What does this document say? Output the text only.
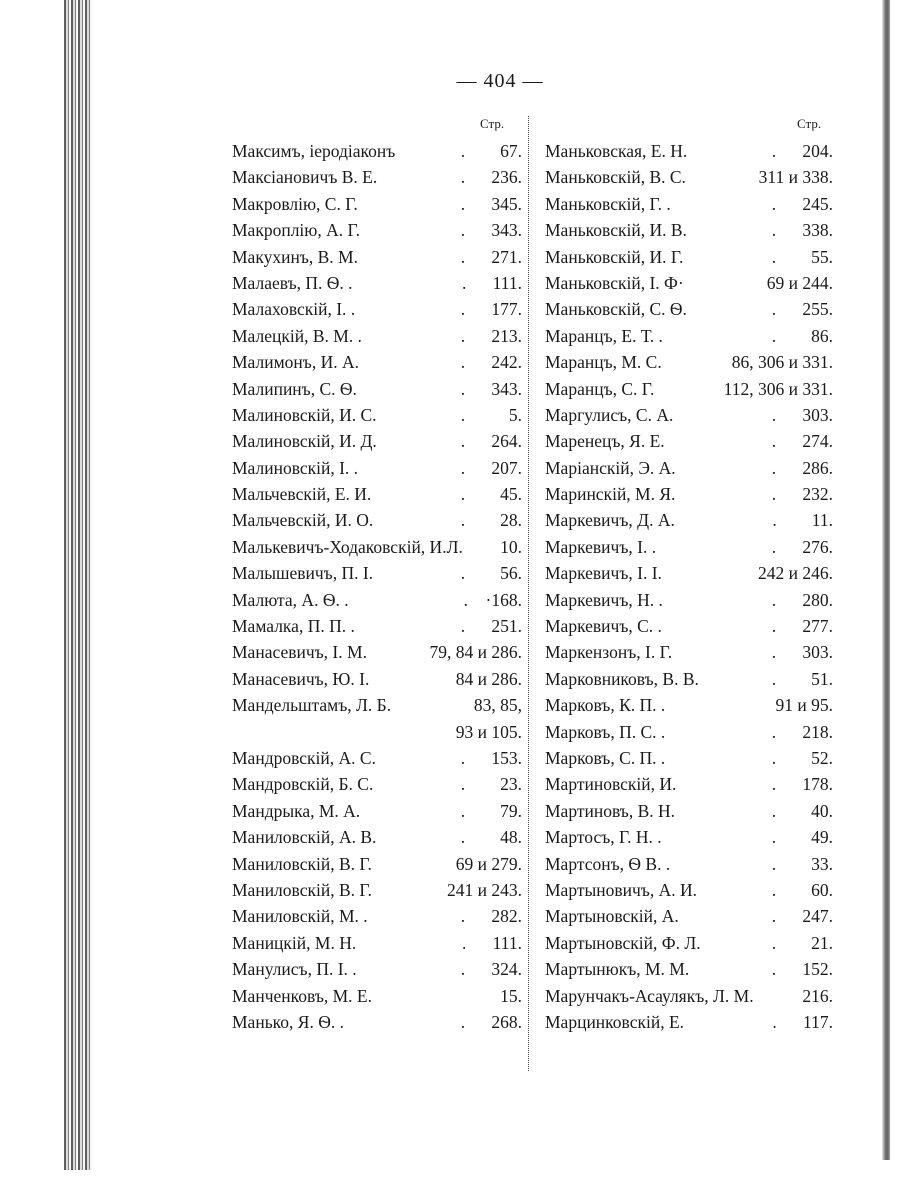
— 404 —
Стр.	Стр.
Максимъ, іеродіаконъ	.        67.
Максіановичъ В. Е.	.      236.
Макровлію, С. Г.	.      345.
Макроплію, А. Г.	.      343.
Макухинъ, В. М.	.      271.
Малаевъ, П. Ѳ. .	.      111.
Малаховскій, І. .	.      177.
Малецкій, В. М. .	.      213.
Малимонъ, И. А.	.      242.
Малипинъ, С. Ѳ.	.      343.
Малиновскій, И. С.	.          5.
Малиновскій, И. Д.	.      264.
Малиновскій, I. .	.      207.
Мальчевскій, Е. И.	.        45.
Мальчевскій, И. О.	.        28.
Малькевичъ-Ходаковскій, И.Л.	10.
Малышевичъ, П. І.	.        56.
Малюта, А. Ѳ. .	.    ·168.
Мамалка, П. П. .	.      251.
Манасевичъ, І. М.	79, 84 и 286.
Манасевичъ, Ю. І.	84 и 286.
Мандельштамъ, Л. Б.	83, 85,
93 и 105.
Мандровскій, А. С.	.      153.
Мандровскій, Б. С.	.        23.
Мандрыка, М. А.	.        79.
Маниловскій, А. В.	.        48.
Маниловскій, В. Г.	69 и 279.
Маниловскій, В. Г.	241 и 243.
Маниловскій, М. .	.      282.
Маницкій, М. Н.	.      111.
Манулисъ, П. І. .	.      324.
Манченковъ, М. Е.	15.
Манько, Я. Ѳ. .	.      268.
Маньковская, Е. Н.	.      204.
Маньковскій, В. С.	311 и 338.
Маньковскій, Г. .	.      245.
Маньковскій, И. В.	.      338.
Маньковскій, И. Г.	.        55.
Маньковскій, І. Ф·	69 и 244.
Маньковскій, С. Ѳ.	.      255.
Маранцъ, Е. Т. .	.        86.
Маранцъ, М. С.	86, 306 и 331.
Маранцъ, С. Г.	112, 306 и 331.
Маргулисъ, С. А.	.      303.
Маренецъ, Я. Е.	.      274.
Маріанскій, Э. А.	.      286.
Маринскій, М. Я.	.      232.
Маркевичъ, Д. А.	.        11.
Маркевичъ, I. .	.      276.
Маркевичъ, І. І.	242 и 246.
Маркевичъ, Н. .	.      280.
Маркевичъ, С. .	.      277.
Маркензонъ, І. Г.	.      303.
Марковниковъ, В. В.	.        51.
Марковъ, К. П. .	91 и 95.
Марковъ, П. С. .	.      218.
Марковъ, С. П. .	.        52.
Мартиновскій, И.	.      178.
Мартиновъ, В. Н.	.        40.
Мартосъ, Г. Н. .	.        49.
Мартсонъ, Ѳ В. .	.        33.
Мартыновичъ, А. И.	.        60.
Мартыновскій, А.	.      247.
Мартыновскій, Ф. Л.	.        21.
Мартынюкъ, М. М.	.      152.
Марунчакъ-Асаулякъ, Л. М.	216.
Марцинковскій, Е.	.      117.
